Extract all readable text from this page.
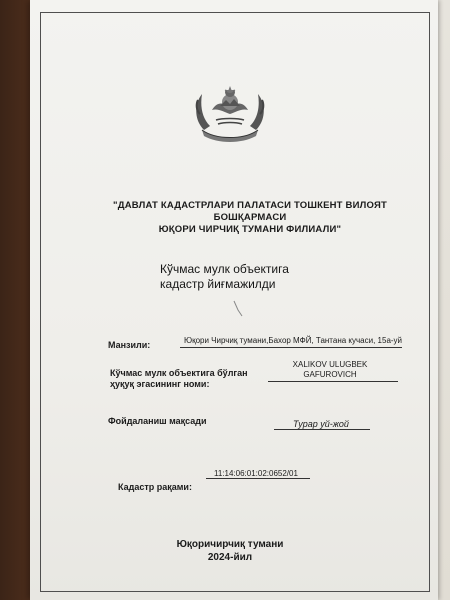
"ДАВЛАТ КАДАСТРЛАРИ ПАЛАТАСИ ТОШКЕНТ ВИЛОЯТ
БОШҚАРМАСИ
ЮҚОРИ ЧИРЧИҚ ТУМАНИ ФИЛИАЛИ"
Кўчмас мулк объектига
кадастр йиғмажилди
Манзили:	Юқори Чирчиқ тумани,Бахор МФЙ, Тантана кучаси, 15а-уй
Кўчмас мулк объектига бўлган
ҳуқуқ эгасининг номи:
XALIKOV ULUGBEK
GAFUROVICH
Фойдаланиш мақсади	Турар уй-жой
Кадастр рақами:
11:14:06:01:02:0652/01
Юқоричирчиқ тумани
2024-йил
